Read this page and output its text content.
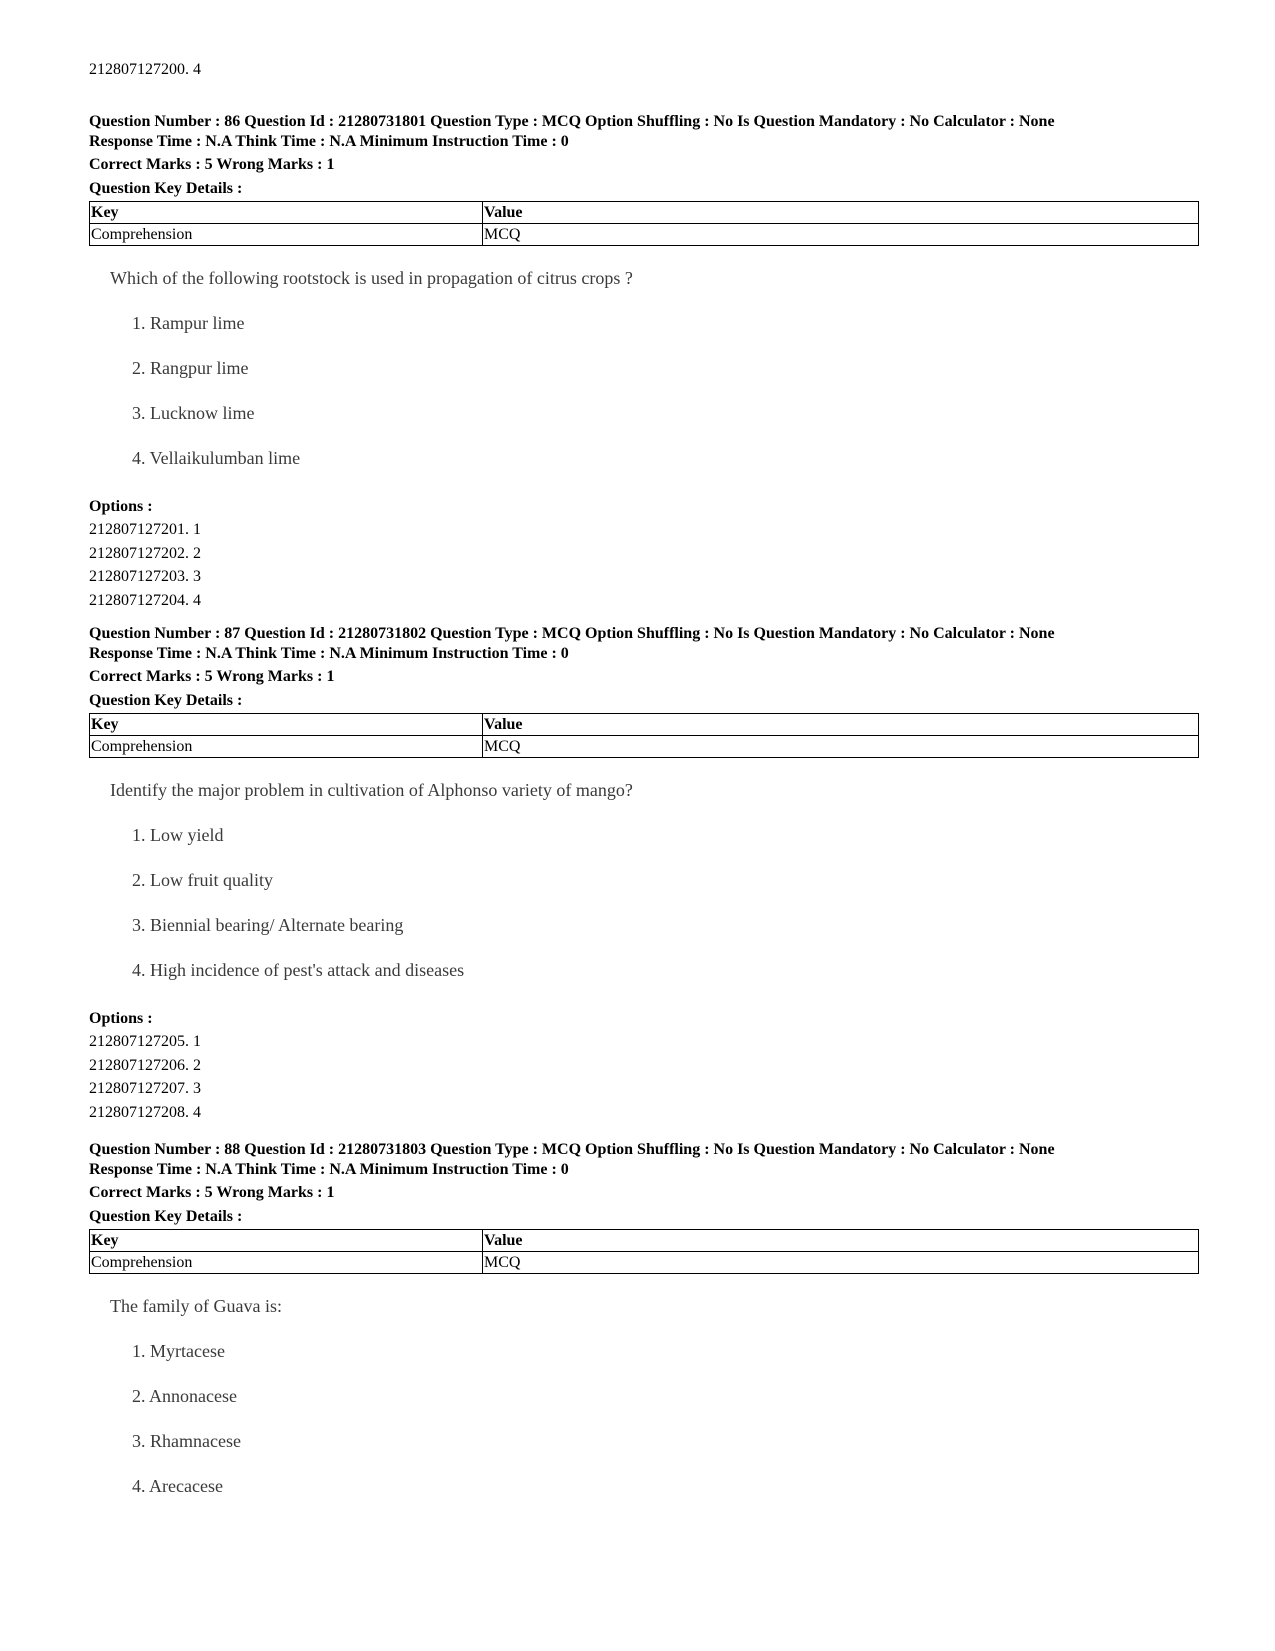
212807127200. 4
Question Number : 86 Question Id : 21280731801 Question Type : MCQ Option Shuffling : No Is Question Mandatory : No Calculator : None
Response Time : N.A Think Time : N.A Minimum Instruction Time : 0
Correct Marks : 5 Wrong Marks : 1
Question Key Details :
Key	Value
Comprehension	MCQ
Which of the following rootstock is used in propagation of citrus crops ?
1. Rampur lime
2. Rangpur lime
3. Lucknow lime
4. Vellaikulumban lime
Options :
212807127201. 1
212807127202. 2
212807127203. 3
212807127204. 4
Question Number : 87 Question Id : 21280731802 Question Type : MCQ Option Shuffling : No Is Question Mandatory : No Calculator : None
Response Time : N.A Think Time : N.A Minimum Instruction Time : 0
Correct Marks : 5 Wrong Marks : 1
Question Key Details :
Key	Value
Comprehension	MCQ
Identify the major problem in cultivation of Alphonso variety of mango?
1. Low yield
2. Low fruit quality
3. Biennial bearing/ Alternate bearing
4. High incidence of pest's attack and diseases
Options :
212807127205. 1
212807127206. 2
212807127207. 3
212807127208. 4
Question Number : 88 Question Id : 21280731803 Question Type : MCQ Option Shuffling : No Is Question Mandatory : No Calculator : None
Response Time : N.A Think Time : N.A Minimum Instruction Time : 0
Correct Marks : 5 Wrong Marks : 1
Question Key Details :
Key	Value
Comprehension	MCQ
The family of Guava is:
1. Myrtacese
2. Annonacese
3. Rhamnacese
4. Arecacese
